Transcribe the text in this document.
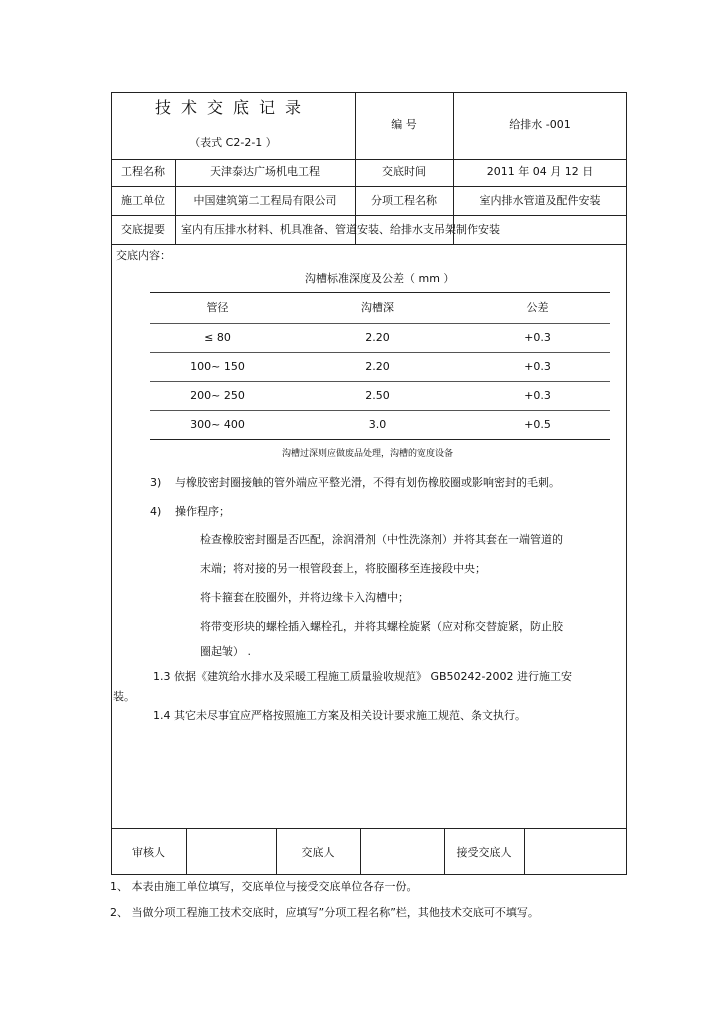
技术交底记录
（表式 C2-2-1 ）
编 号	给排水 -001
工程名称	天津泰达广场机电工程	交底时间	2011 年 04 月 12 日
施工单位	中国建筑第二工程局有限公司	分项工程名称	室内排水管道及配件安装
交底提要	室内有压排水材料、机具准备、管道安装、给排水支吊架制作安装
交底内容：
沟槽标准深度及公差（ mm ）
管径	沟槽深	公差
≤ 80	2.20	+0.3
100~ 150	2.20	+0.3
200~ 250	2.50	+0.3
300~ 400	3.0	+0.5
沟槽过深则应做废品处理，沟槽的宽度设备
3) 与橡胶密封圈接触的管外端应平整光滑，不得有划伤橡胶圈或影响密封的毛刺。
4) 操作程序；
检查橡胶密封圈是否匹配，涂润滑剂（中性洗涤剂）并将其套在一端管道的
末端；将对接的另一根管段套上，将胶圈移至连接段中央；
将卡箍套在胶圈外，并将边缘卡入沟槽中；
将带变形块的螺栓插入螺栓孔，并将其螺栓旋紧（应对称交替旋紧，防止胶
圈起皱） .
1.3 依据《建筑给水排水及采暖工程施工质量验收规范》 GB50242-2002 进行施工安
装。
1.4 其它未尽事宜应严格按照施工方案及相关设计要求施工规范、条文执行。
审核人	交底人	接受交底人
1、 本表由施工单位填写，交底单位与接受交底单位各存一份。
2、 当做分项工程施工技术交底时，应填写”分项工程名称”栏，其他技术交底可不填写。
